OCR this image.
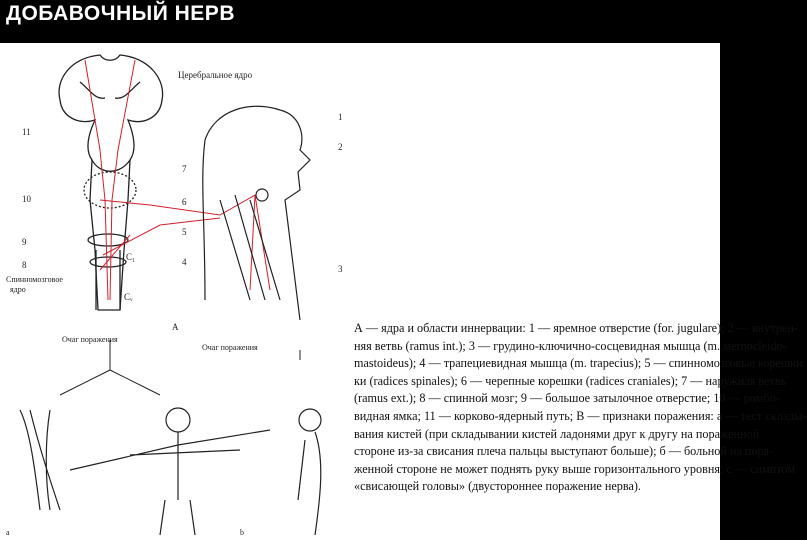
ДОБАВОЧНЫЙ НЕРВ
Церебральное ядро
11
10
9
8
Спинномозговое
ядро
C₁
Cᵥ
A
Очаг поражения
Очаг поражения
1
2
3
4
5
6
7
а	b
А — ядра и области иннервации: 1 — яремное отверстие (for. jugulare); 2 — внутрен-
няя ветвь (ramus int.); 3 — грудино-ключично-сосцевидная мышца (m. sternocleido-
mastoideus); 4 — трапециевидная мышца (m. trapecius); 5 — спинномозговые корешки
ки (radices spinales); 6 — черепные корешки (radices craniales); 7 — наружная ветвь
(ramus ext.); 8 — спинной мозг; 9 — большое затылочное отверстие; 10 — ромбо-
видная ямка; 11 — корково-ядерный путь; В — признаки поражения: а — тест склады-
вания кистей (при складывании кистей ладонями друг к другу на пораженной
стороне из-за свисания плеча пальцы выступают больше); б — больной на пора-
женной стороне не может поднять руку выше горизонтального уровня; с — симптом
«свисающей головы» (двустороннее поражение нерва).
